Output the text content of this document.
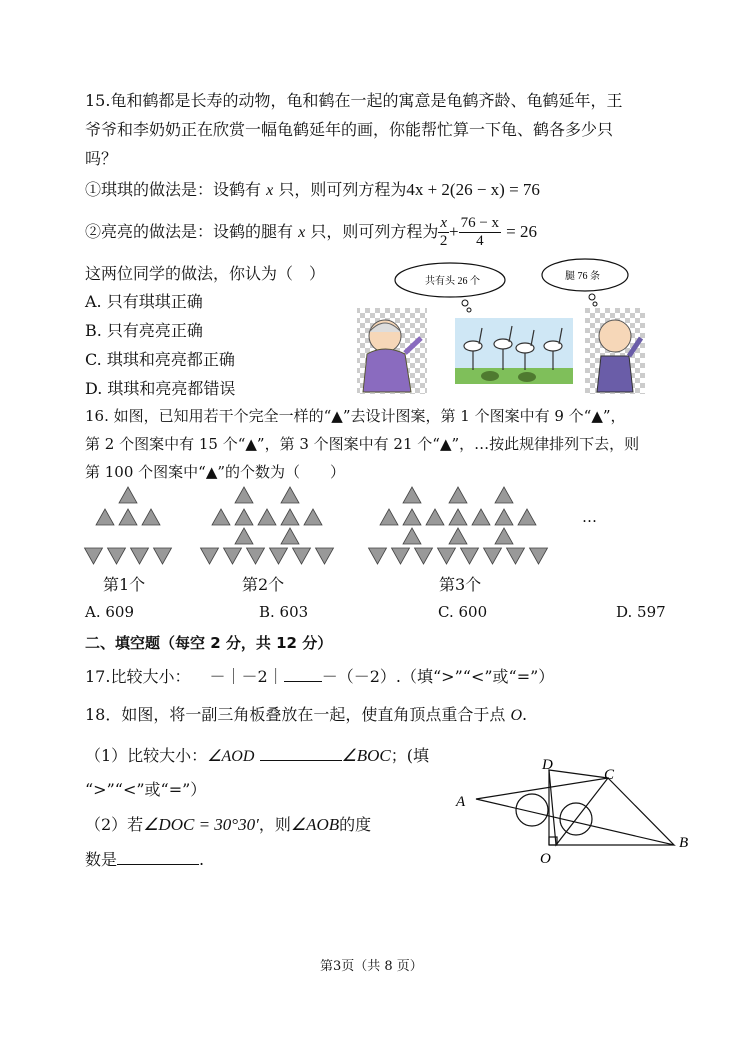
15.龟和鹤都是长寿的动物，龟和鹤在一起的寓意是龟鹤齐龄、龟鹤延年，王
爷爷和李奶奶正在欣赏一幅龟鹤延年的画，你能帮忙算一下龟、鹤各多少只
吗？
①琪琪的做法是：设鹤有 x 只，则可列方程为4x + 2(26 − x) = 76
②亮亮的做法是：设鹤的腿有 x 只，则可列方程为 $\frac{x}{2} + \frac{76 - x}{4} = 26$
这两位同学的做法，你认为（　）
A. 只有琪琪正确
B. 只有亮亮正确
C. 琪琪和亮亮都正确
D. 琪琪和亮亮都错误
共有头 26 个	腿 76 条
16. 如图，已知用若干个完全一样的“▲”去设计图案，第 1 个图案中有 9 个“▲”，
第 2 个图案中有 15 个“▲”，第 3 个图案中有 21 个“▲”，…按此规律排列下去，则
第 100 个图案中“▲”的个数为（　　）
第1个	第2个	第3个
…
A. 609	B. 603	C. 600	D. 597
二、填空题（每空 2 分，共 12 分）
17.比较大小： －｜－2｜ －（－2）.（填“>”“<”或“=”）
18．如图，将一副三角板叠放在一起，使直角顶点重合于点 O.
（1）比较大小：∠AOD	∠BOC；(填
“>”“<”或“=”）
（2）若∠DOC = 30°30′，则∠AOB的度
数是	.
A
B
C
D
O
第3页（共 8 页）
